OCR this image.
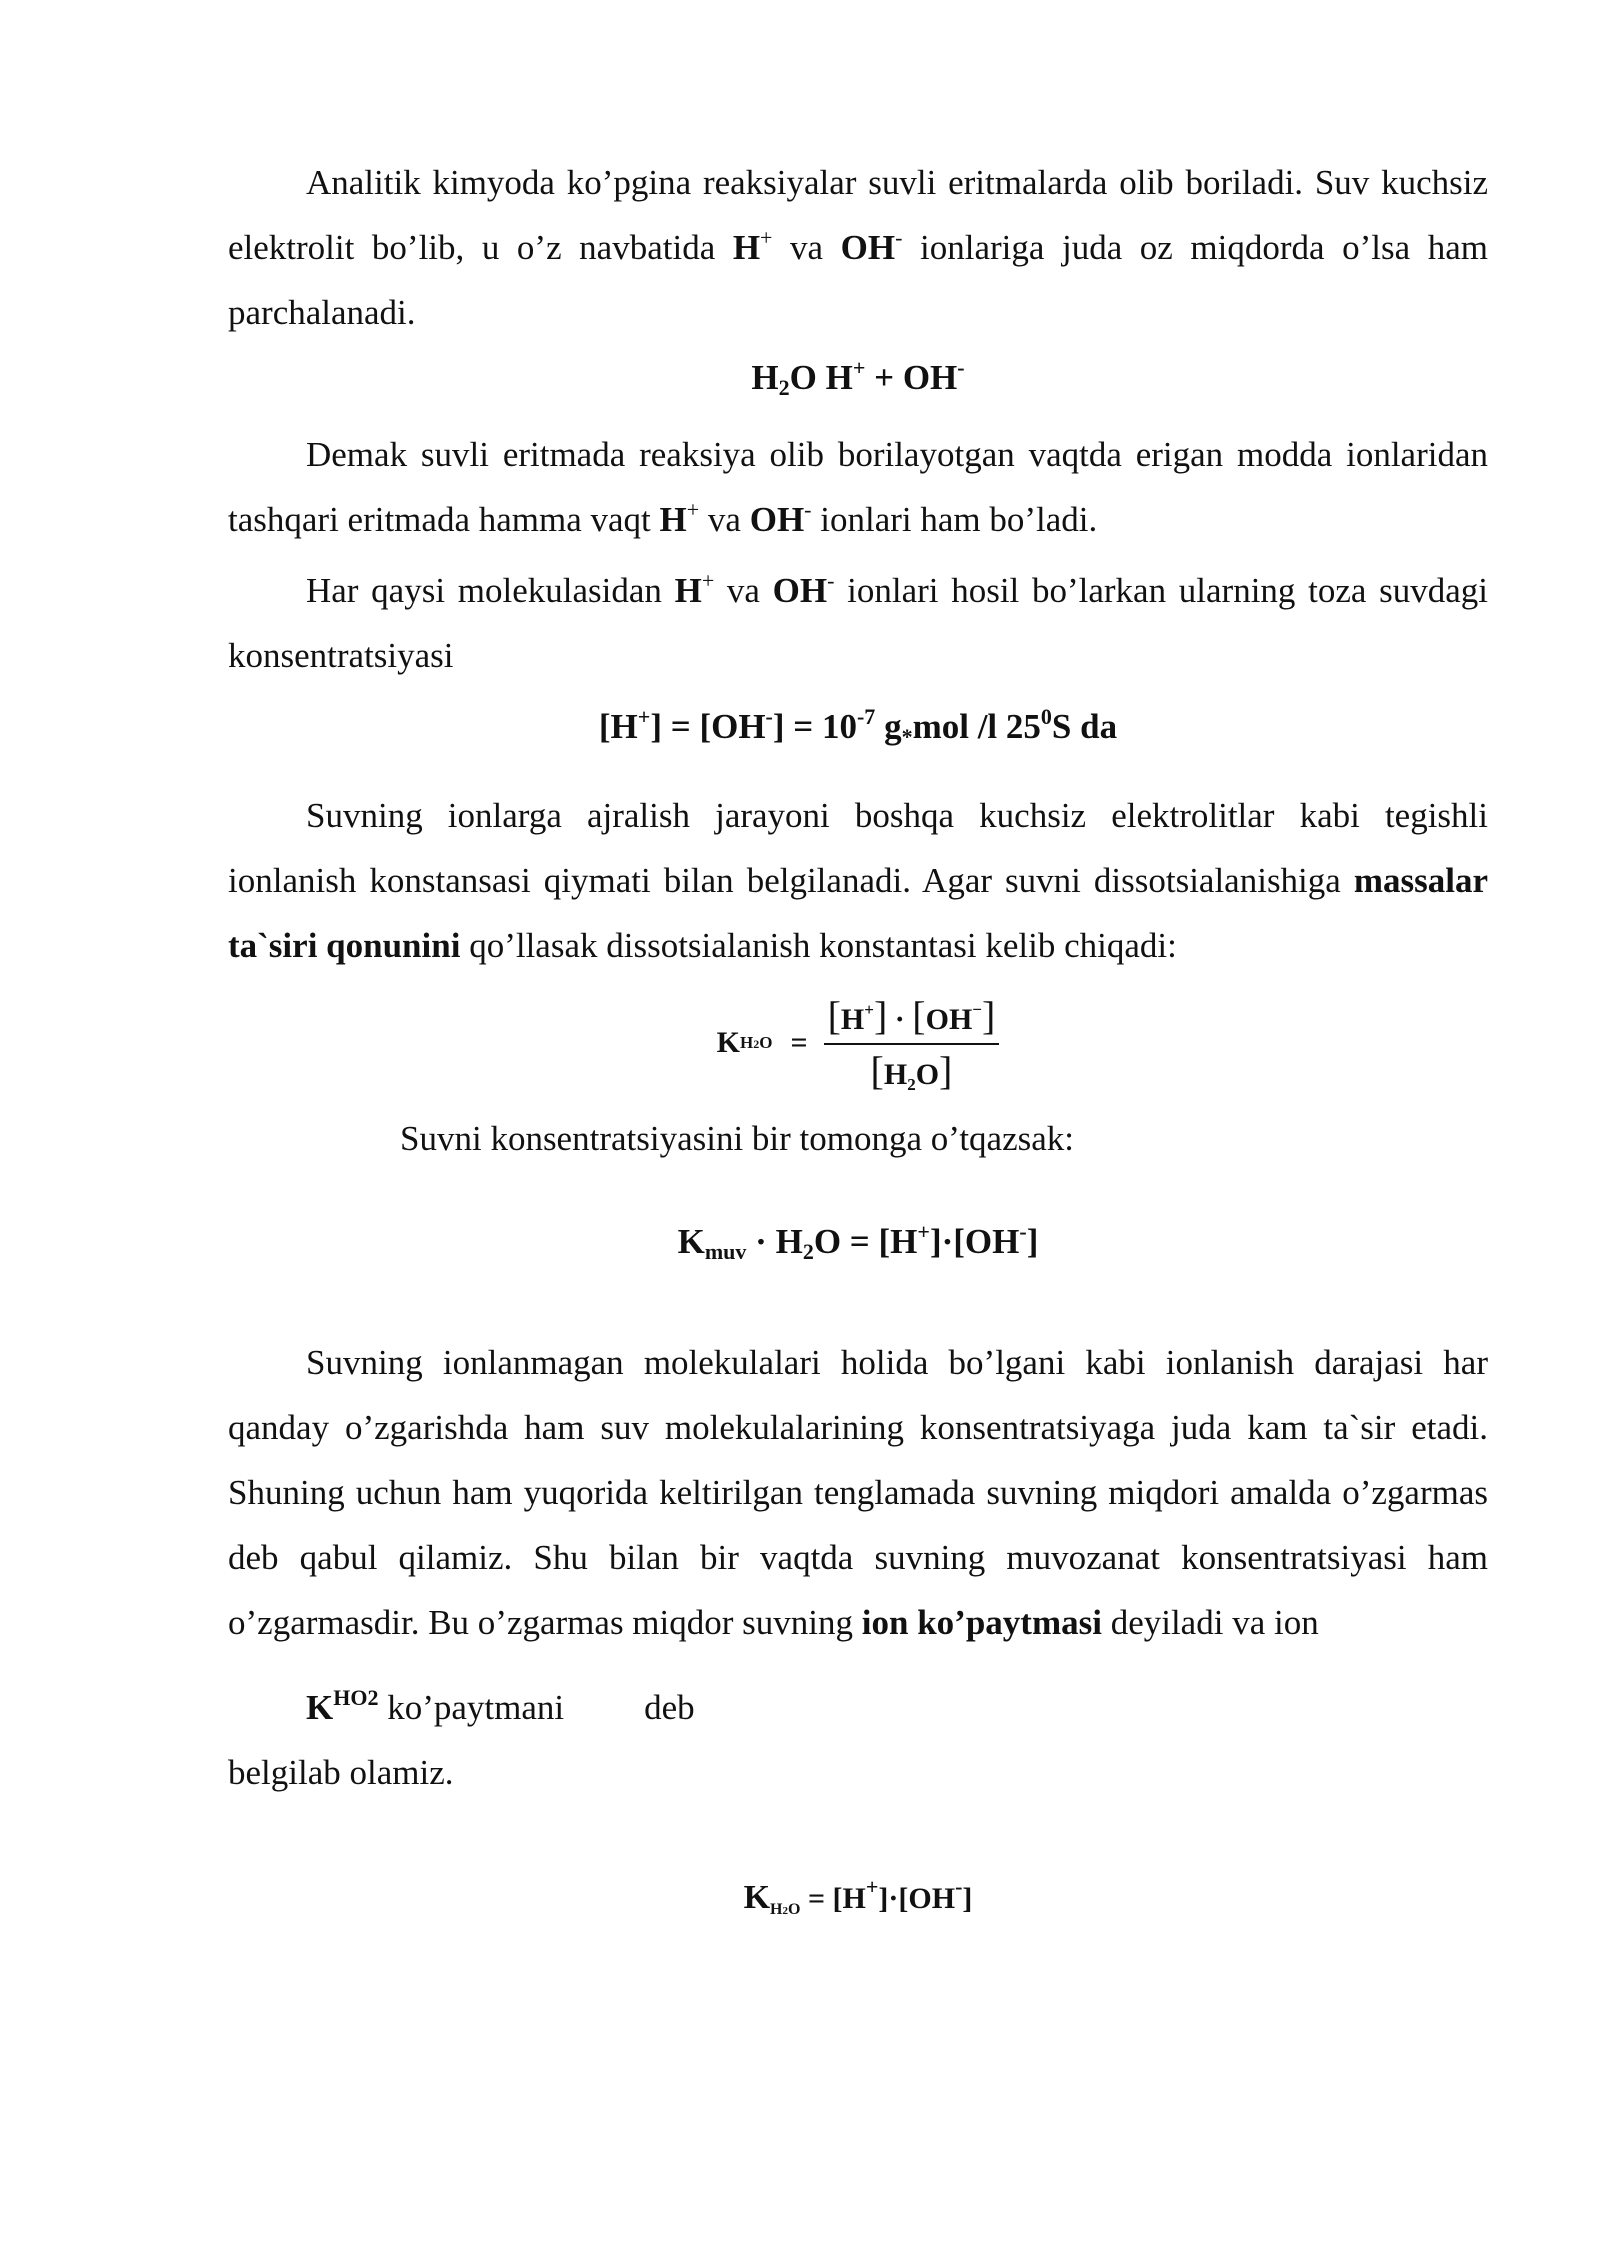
Analitik kimyoda ko’pgina reaksiyalar suvli eritmalarda olib boriladi. Suv kuchsiz elektrolit bo’lib, u o’z navbatida H+ va OH- ionlariga juda oz miqdorda o’lsa ham parchalanadi.

$H_2O$ H+ + OH-

Demak suvli eritmada reaksiya olib borilayotgan vaqtda erigan modda ionlaridan tashqari eritmada hamma vaqt H+ va OH- ionlari ham bo’ladi.

Har qaysi molekulasidan H+ va OH- ionlari hosil bo’larkan ularning toza suvdagi konsentratsiyasi

$[H^+] = [OH^-] = 10^{-7}$ $g_*mol$ /l $25^0S$ da

Suvning ionlarga ajralish jarayoni boshqa kuchsiz elektrolitlar kabi tegishli ionlanish konstansasi qiymati bilan belgilanadi. Agar suvni dissotsialanishiga massalar ta`siri qonunini qo’llasak dissotsialanish konstantasi kelib chiqadi:

K $H2O = \frac{[H^+] \cdot [OH^-]}{[H_2O]}$

Suvni konsentratsiyasini bir tomonga o’tqazsak:

$K_{muv} \cdot H_2O = [H^+]\cdot[OH^-]$

Suvning ionlanmagan molekulalari holida bo’lgani kabi ionlanish darajasi har qanday o’zgarishda ham suv molekulalarining konsentratsiyaga juda kam ta`sir etadi. Shuning uchun ham yuqorida keltirilgan tenglamada suvning miqdori amalda o’zgarmas deb qabul qilamiz. Shu bilan bir vaqtda suvning muvozanat konsentratsiyasi ham o’zgarmasdir. Bu o’zgarmas miqdor suvning ion ko’paytmasi deyiladi va ion

$K^{HO2}$ ko’paytmani deb

belgilab olamiz.

$K_{H2O} = [H^+]\cdot[OH^-]$
